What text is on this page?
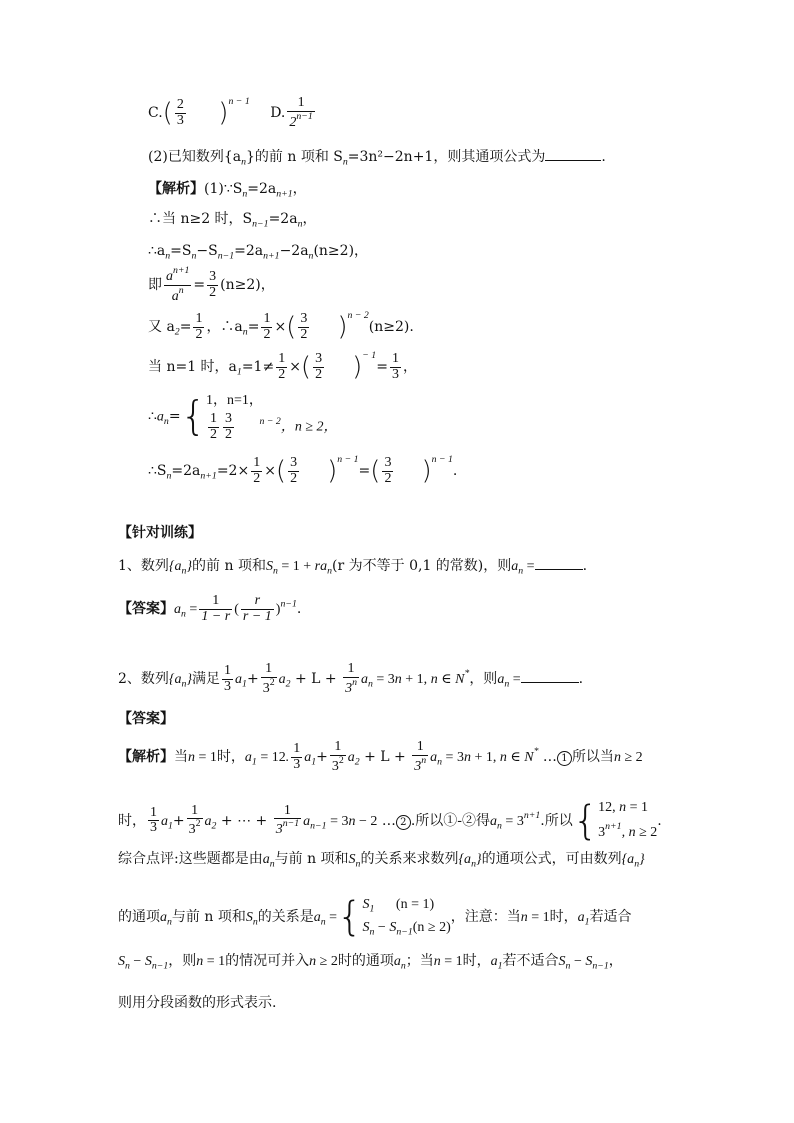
$C.( \frac{2}{3} )^{n - 1}$ D. $\frac{1}{2^{n-1}}$
(2)已知数列$\{a_n\}$的前 n 项和 $S_n=3n^2-2n+1$，则其通项公式为	.
【解析】$(1)\because S_n=2a_{n+1}$，
∴当 n≥2 时，$S_{n-1}=2a_n$，
$\therefore a_n=S_n-S_{n-1}=2a_{n+1}-2a_n(n\ge 2)$，
即 $\frac{a^{n+1}}{a^n} = \frac{3}{2} (n\ge 2)$，
又 $a_2= \frac{1}{2}$ ，$\therefore a_n= \frac{1}{2}$ ×( $\frac{3}{2} )^{n - 2}(n\ge 2)$.
当 n=1 时，$a_1=1\ne \frac{1}{2}$ ×( $\frac{3}{2} )^{- 1}= \frac{1}{3}$ ，
$\therefore a_n=${ 1，n=1，
$\frac{1}{2} \frac{3}{2}$	$^{n - 2}$，n ≥ 2，
$\therefore S_n=2a_{n+1}=2\times \frac{1}{2}$ ×( $\frac{3}{2} )^{n - 1}=( \frac{3}{2} )^{n - 1}$.
【针对训练】
1、数列$\{a_n\}$的前 n 项和$S_n = 1 + ra_n(r$ 为不等于 0,1 的常数)，则$a_n$ =	.
【答案】$a_n = \frac{1}{1 - r}$ ( $\frac{r}{r - 1} )^{n-1}$.
2、数列$\{a_n\}$满足 $\frac{1}{3} a_1+ \frac{1}{3^2} a_2 + L + \frac{1}{3^n} a_n = 3n + 1$, n ∈ N*，则$a_n$ =	.
【答案】
【解析】当n = 1时，$a_1 = 12$. $\frac{1}{3} a_1+ \frac{1}{3^2} a_2 + L + \frac{1}{3^n} a_n = 3n + 1$, n ∈ N* … 1 所以当n ≥ 2
时， $\frac{1}{3} a_1+ \frac{1}{3^2} a_2$ + ⋯ + $\frac{1}{3^{n-1}} a_{n-1} = 3n - 2$ … 2 .所以①-②得$a_n = 3^{n+1}$.所以{ 12, n = 1
$3^{n+1}$, n ≥ 2
.
综合点评:这些题都是由$a_n$与前 n 项和$S_n$的关系来求数列$\{a_n\}$的通项公式，可由数列$\{a_n\}$
的通项$a_n$与前 n 项和$S_n$的关系是$a_n$ ={ $S_1$ (n = 1)
$S_n - S_{n-1}(n \ge 2)$
，注意：当n = 1时，$a_1$若适合
$S_n - S_{n-1}$，则n = 1的情况可并入n ≥ 2时的通项$a_n$；当n = 1时，$a_1$若不适合$S_n - S_{n-1}$，
则用分段函数的形式表示.
